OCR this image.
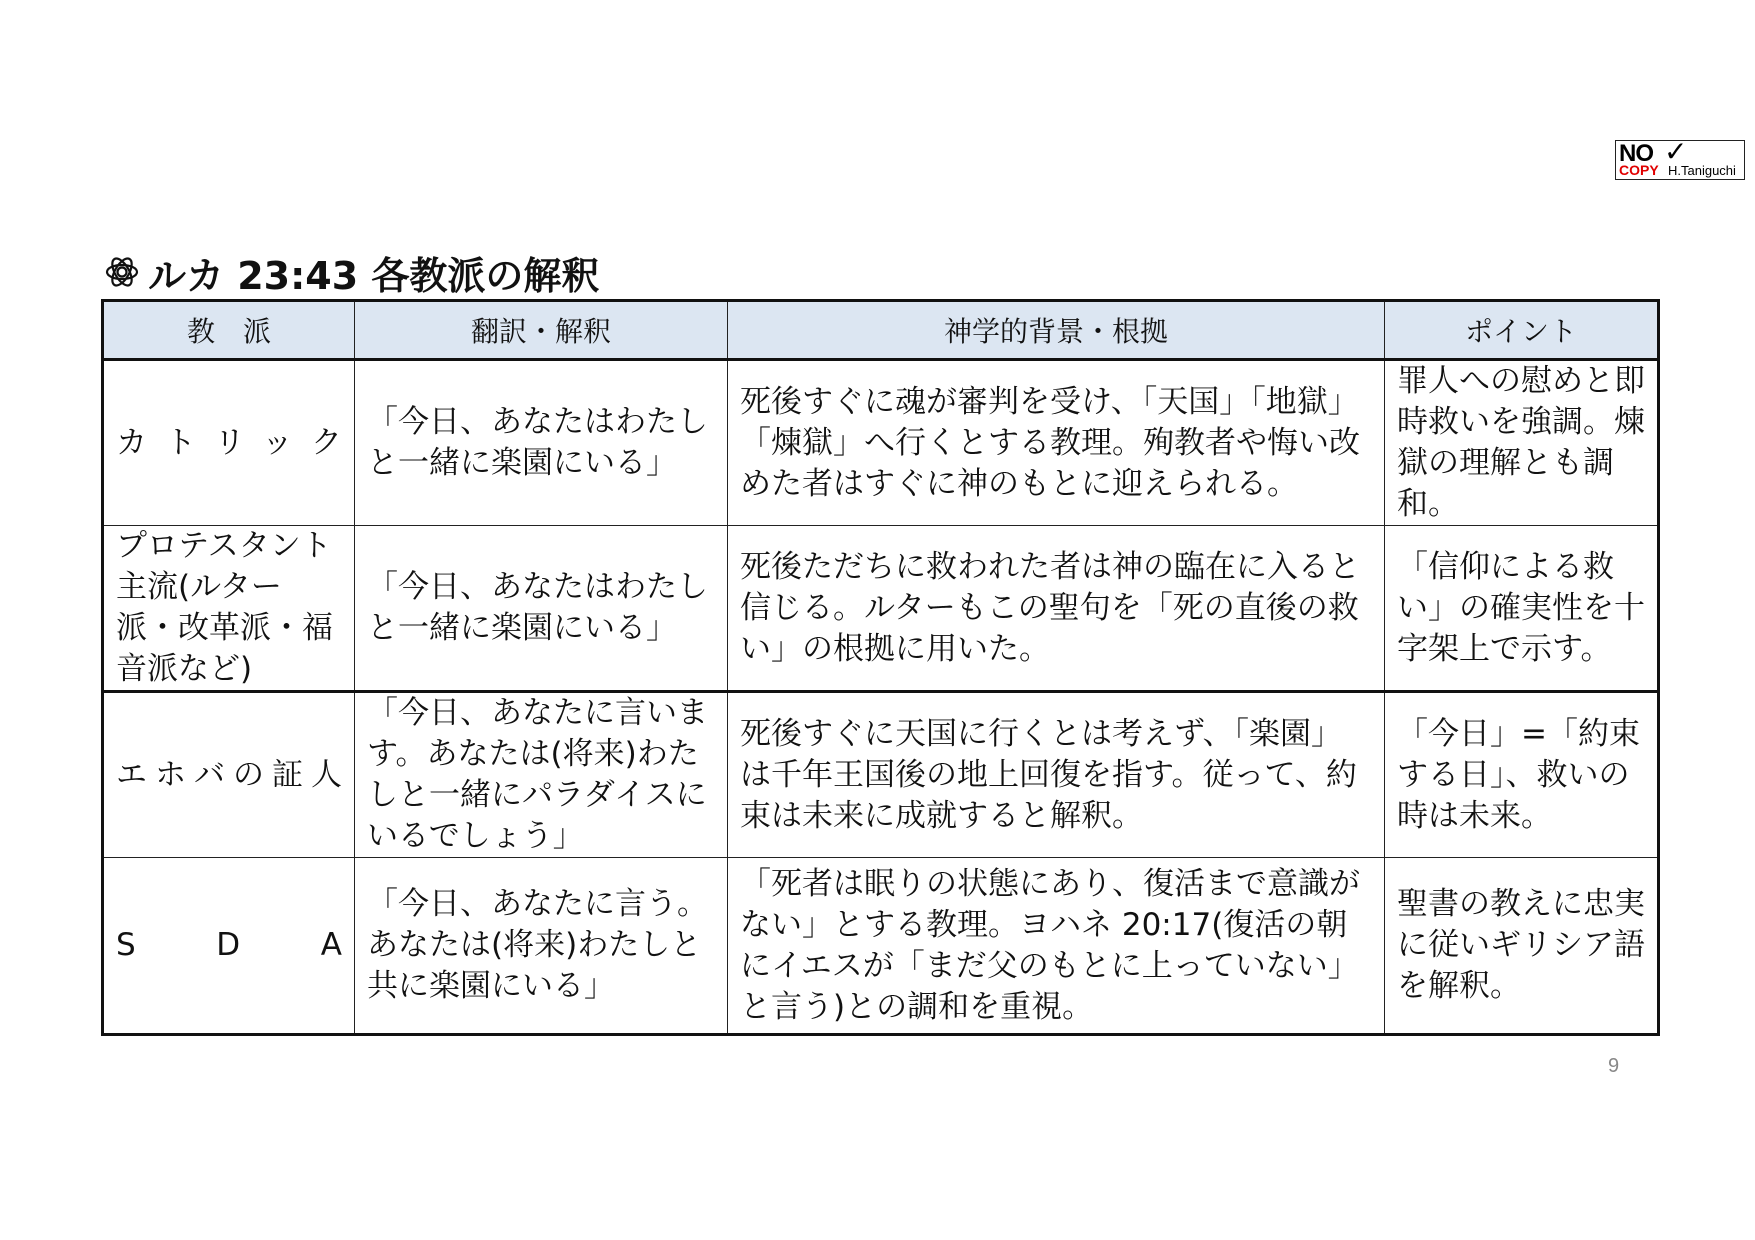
NO ✓
COPY H.Taniguchi
ルカ 23:43 各教派の解釈
教　派	翻訳・解釈	神学的背景・根拠	ポイント
カトリック	「今日、あなたはわたしと一緒に楽園にいる」	死後すぐに魂が審判を受け、「天国」「地獄」「煉獄」へ行くとする教理。殉教者や悔い改めた者はすぐに神のもとに迎えられる。	罪人への慰めと即時救いを強調。煉獄の理解とも調和。
プロテスタント主流(ルター派・改革派・福音派など)	「今日、あなたはわたしと一緒に楽園にいる」	死後ただちに救われた者は神の臨在に入ると信じる。ルターもこの聖句を「死の直後の救い」の根拠に用いた。	「信仰による救い」の確実性を十字架上で示す。
エホバの証人	「今日、あなたに言います。あなたは(将来)わたしと一緒にパラダイスにいるでしょう」	死後すぐに天国に行くとは考えず、「楽園」は千年王国後の地上回復を指す。従って、約束は未来に成就すると解釈。	「今日」=「約束する日」、救いの時は未来。
S D A	「今日、あなたに言う。あなたは(将来)わたしと共に楽園にいる」	「死者は眠りの状態にあり、復活まで意識がない」とする教理。ヨハネ 20:17(復活の朝にイエスが「まだ父のもとに上っていない」と言う)との調和を重視。	聖書の教えに忠実に従いギリシア語を解釈。
9
